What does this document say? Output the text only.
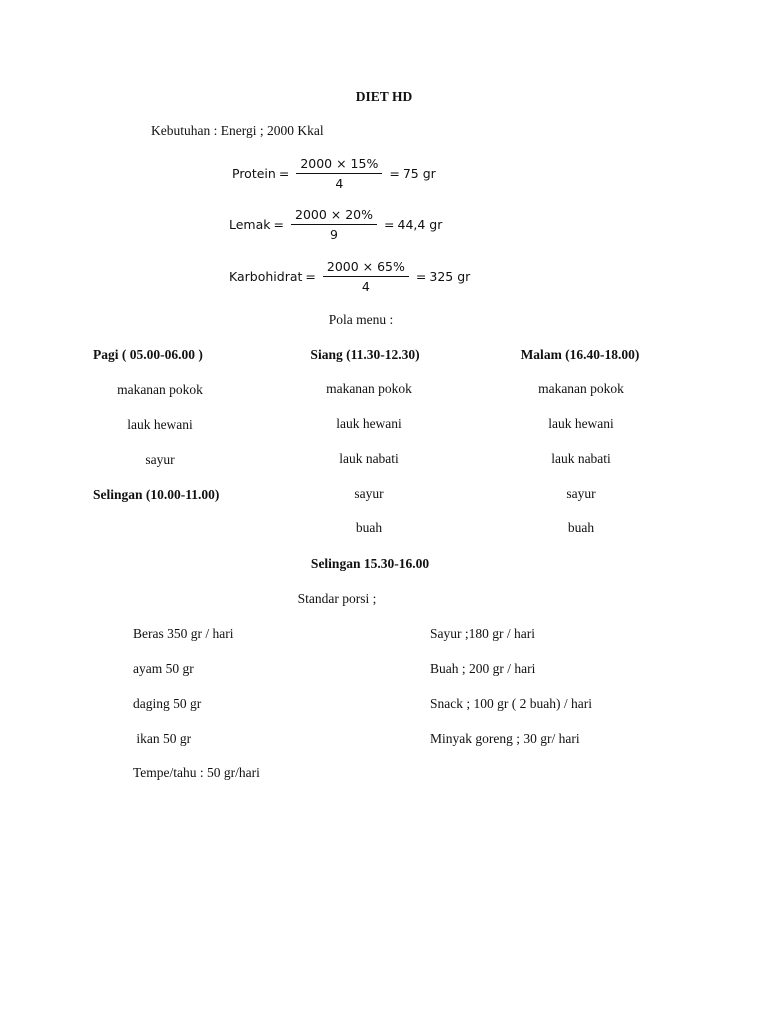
DIET HD
Kebutuhan : Energi ; 2000 Kkal
Protein = $\frac{2000 \times 15\%}{4} = 75$ gr
Lemak = $\frac{2000 \times 20\%}{9} = 44,4$ gr
Karbohidrat = $\frac{2000 \times 65\%}{4} = 325$ gr
Pola menu :
Pagi ( 05.00-06.00 )	Siang (11.30-12.30)	Malam (16.40-18.00)
makanan pokok
lauk hewani
sayur
Selingan (10.00-11.00)
makanan pokok
lauk hewani
lauk nabati
sayur
buah
makanan pokok
lauk hewani
lauk nabati
sayur
buah
Selingan 15.30-16.00
Standar porsi ;
Beras 350 gr / hari
ayam 50 gr
daging 50 gr
ikan 50 gr
Tempe/tahu : 50 gr/hari
Sayur ;180 gr / hari
Buah ; 200 gr / hari
Snack ; 100 gr ( 2 buah) / hari
Minyak goreng ; 30 gr/ hari
